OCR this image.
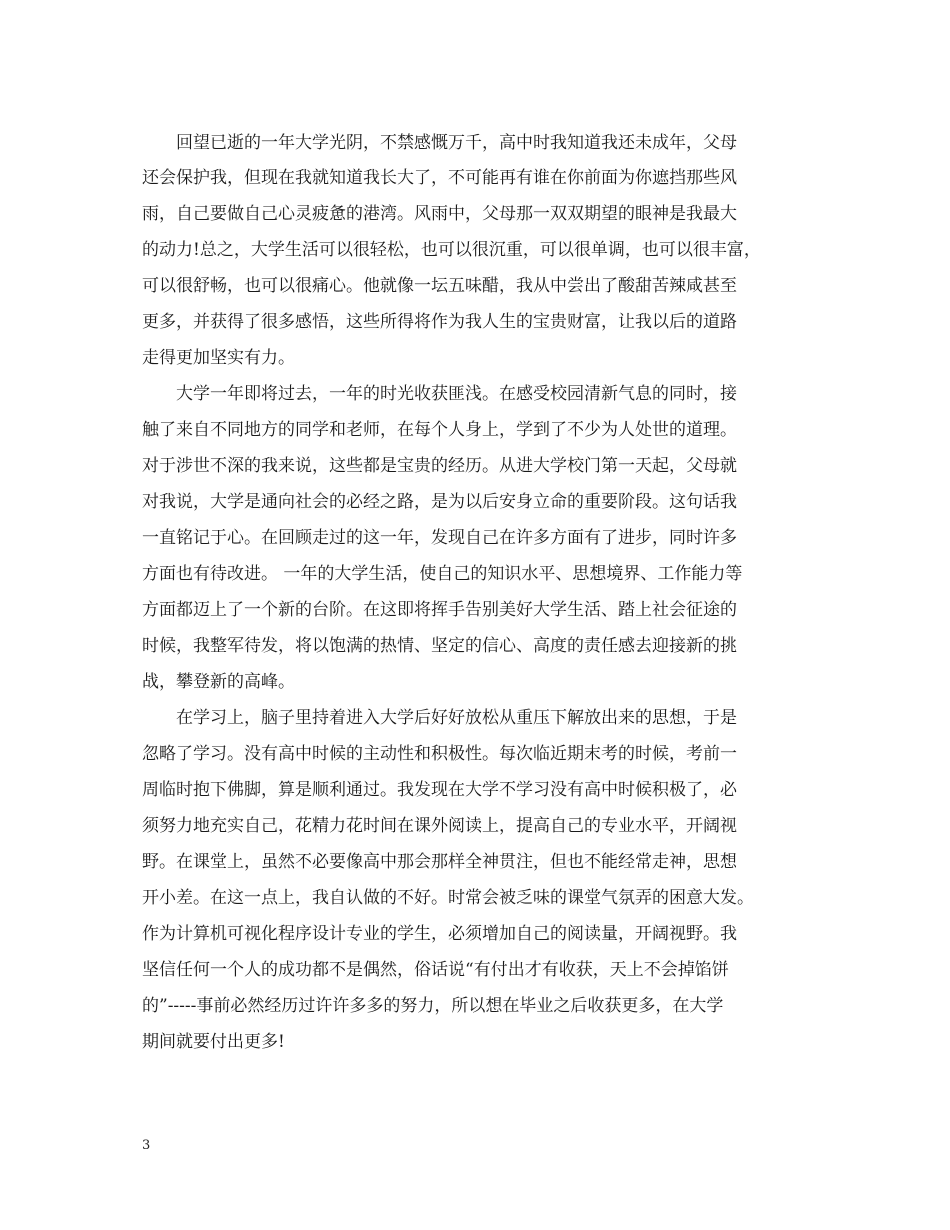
　　回望已逝的一年大学光阴，不禁感慨万千，高中时我知道我还未成年，父母
还会保护我，但现在我就知道我长大了，不可能再有谁在你前面为你遮挡那些风
雨，自己要做自己心灵疲惫的港湾。风雨中，父母那一双双期望的眼神是我最大
的动力!总之，大学生活可以很轻松，也可以很沉重，可以很单调，也可以很丰富，
可以很舒畅，也可以很痛心。他就像一坛五味醋，我从中尝出了酸甜苦辣咸甚至
更多，并获得了很多感悟，这些所得将作为我人生的宝贵财富，让我以后的道路
走得更加坚实有力。
　　大学一年即将过去，一年的时光收获匪浅。在感受校园清新气息的同时，接
触了来自不同地方的同学和老师，在每个人身上，学到了不少为人处世的道理。
对于涉世不深的我来说，这些都是宝贵的经历。从进大学校门第一天起，父母就
对我说，大学是通向社会的必经之路，是为以后安身立命的重要阶段。这句话我
一直铭记于心。在回顾走过的这一年，发现自己在许多方面有了进步，同时许多
方面也有待改进。 一年的大学生活，使自己的知识水平、思想境界、工作能力等
方面都迈上了一个新的台阶。在这即将挥手告别美好大学生活、踏上社会征途的
时候，我整军待发，将以饱满的热情、坚定的信心、高度的责任感去迎接新的挑
战，攀登新的高峰。
　　在学习上，脑子里持着进入大学后好好放松从重压下解放出来的思想，于是
忽略了学习。没有高中时候的主动性和积极性。每次临近期末考的时候，考前一
周临时抱下佛脚，算是顺利通过。我发现在大学不学习没有高中时候积极了，必
须努力地充实自己，花精力花时间在课外阅读上，提高自己的专业水平，开阔视
野。在课堂上，虽然不必要像高中那会那样全神贯注，但也不能经常走神，思想
开小差。在这一点上，我自认做的不好。时常会被乏味的课堂气氛弄的困意大发。
作为计算机可视化程序设计专业的学生，必须增加自己的阅读量，开阔视野。我
坚信任何一个人的成功都不是偶然，俗话说“有付出才有收获，天上不会掉馅饼
的”-----事前必然经历过许许多多的努力，所以想在毕业之后收获更多，在大学
期间就要付出更多!
3
